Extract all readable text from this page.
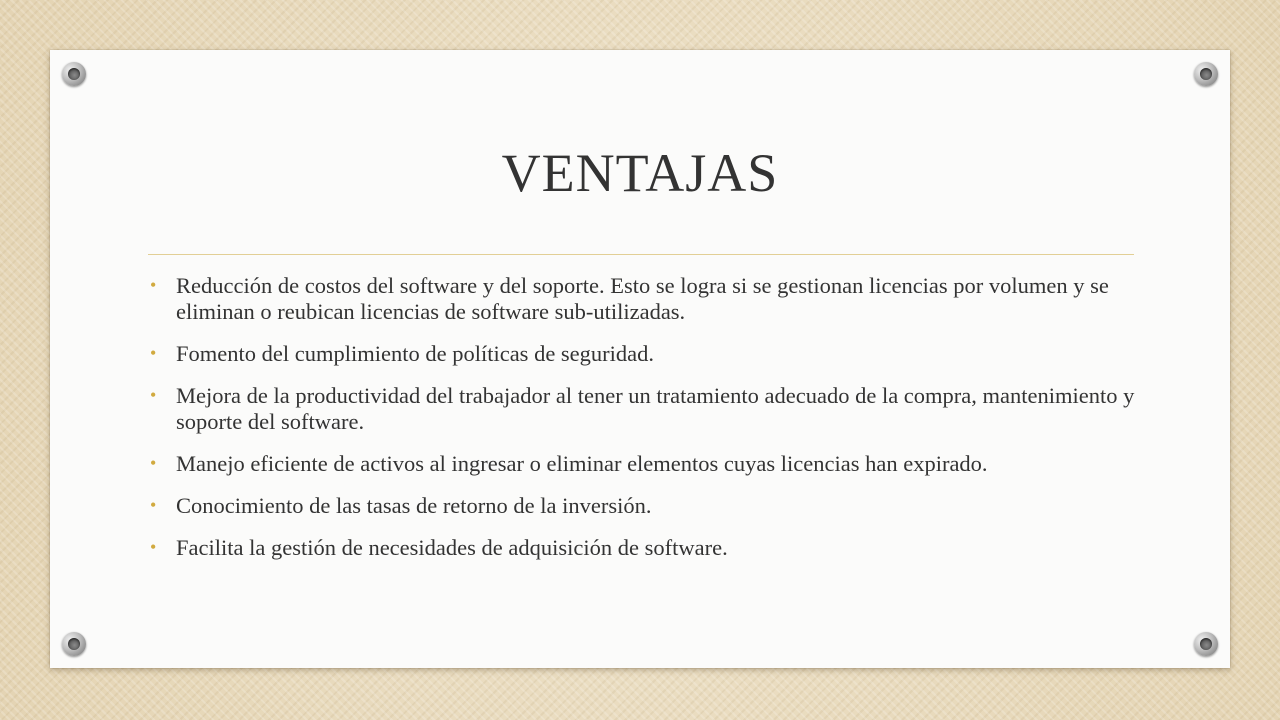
VENTAJAS
• Reducción de costos del software y del soporte. Esto se logra si se gestionan licencias por volumen y se eliminan o reubican licencias de software sub-utilizadas.
• Fomento del cumplimiento de políticas de seguridad.
• Mejora de la productividad del trabajador al tener un tratamiento adecuado de la compra, mantenimiento y soporte del software.
• Manejo eficiente de activos al ingresar o eliminar elementos cuyas licencias han expirado.
• Conocimiento de las tasas de retorno de la inversión.
• Facilita la gestión de necesidades de adquisición de software.
